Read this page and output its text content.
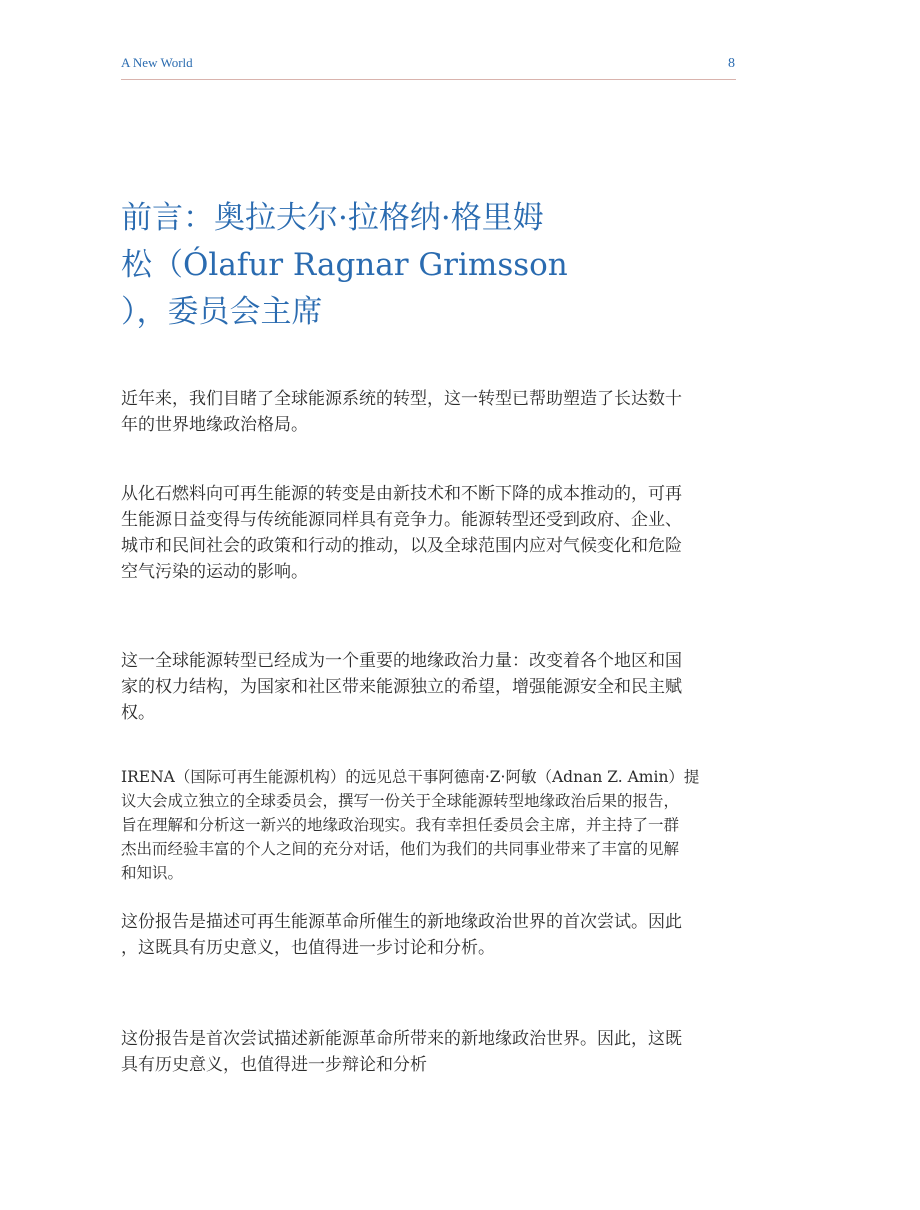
A New World	8
前言：奥拉夫尔·拉格纳·格里姆
松（Ólafur Ragnar Grimsson
），委员会主席

近年来，我们目睹了全球能源系统的转型，这一转型已帮助塑造了长达数十
年的世界地缘政治格局。

从化石燃料向可再生能源的转变是由新技术和不断下降的成本推动的，可再
生能源日益变得与传统能源同样具有竞争力。能源转型还受到政府、企业、
城市和民间社会的政策和行动的推动，以及全球范围内应对气候变化和危险
空气污染的运动的影响。

这一全球能源转型已经成为一个重要的地缘政治力量：改变着各个地区和国
家的权力结构，为国家和社区带来能源独立的希望，增强能源安全和民主赋
权。

IRENA（国际可再生能源机构）的远见总干事阿德南·Z·阿敏（Adnan Z. Amin）提
议大会成立独立的全球委员会，撰写一份关于全球能源转型地缘政治后果的报告，
旨在理解和分析这一新兴的地缘政治现实。我有幸担任委员会主席，并主持了一群
杰出而经验丰富的个人之间的充分对话，他们为我们的共同事业带来了丰富的见解
和知识。

这份报告是描述可再生能源革命所催生的新地缘政治世界的首次尝试。因此
，这既具有历史意义，也值得进一步讨论和分析。

这份报告是首次尝试描述新能源革命所带来的新地缘政治世界。因此，这既
具有历史意义，也值得进一步辩论和分析
